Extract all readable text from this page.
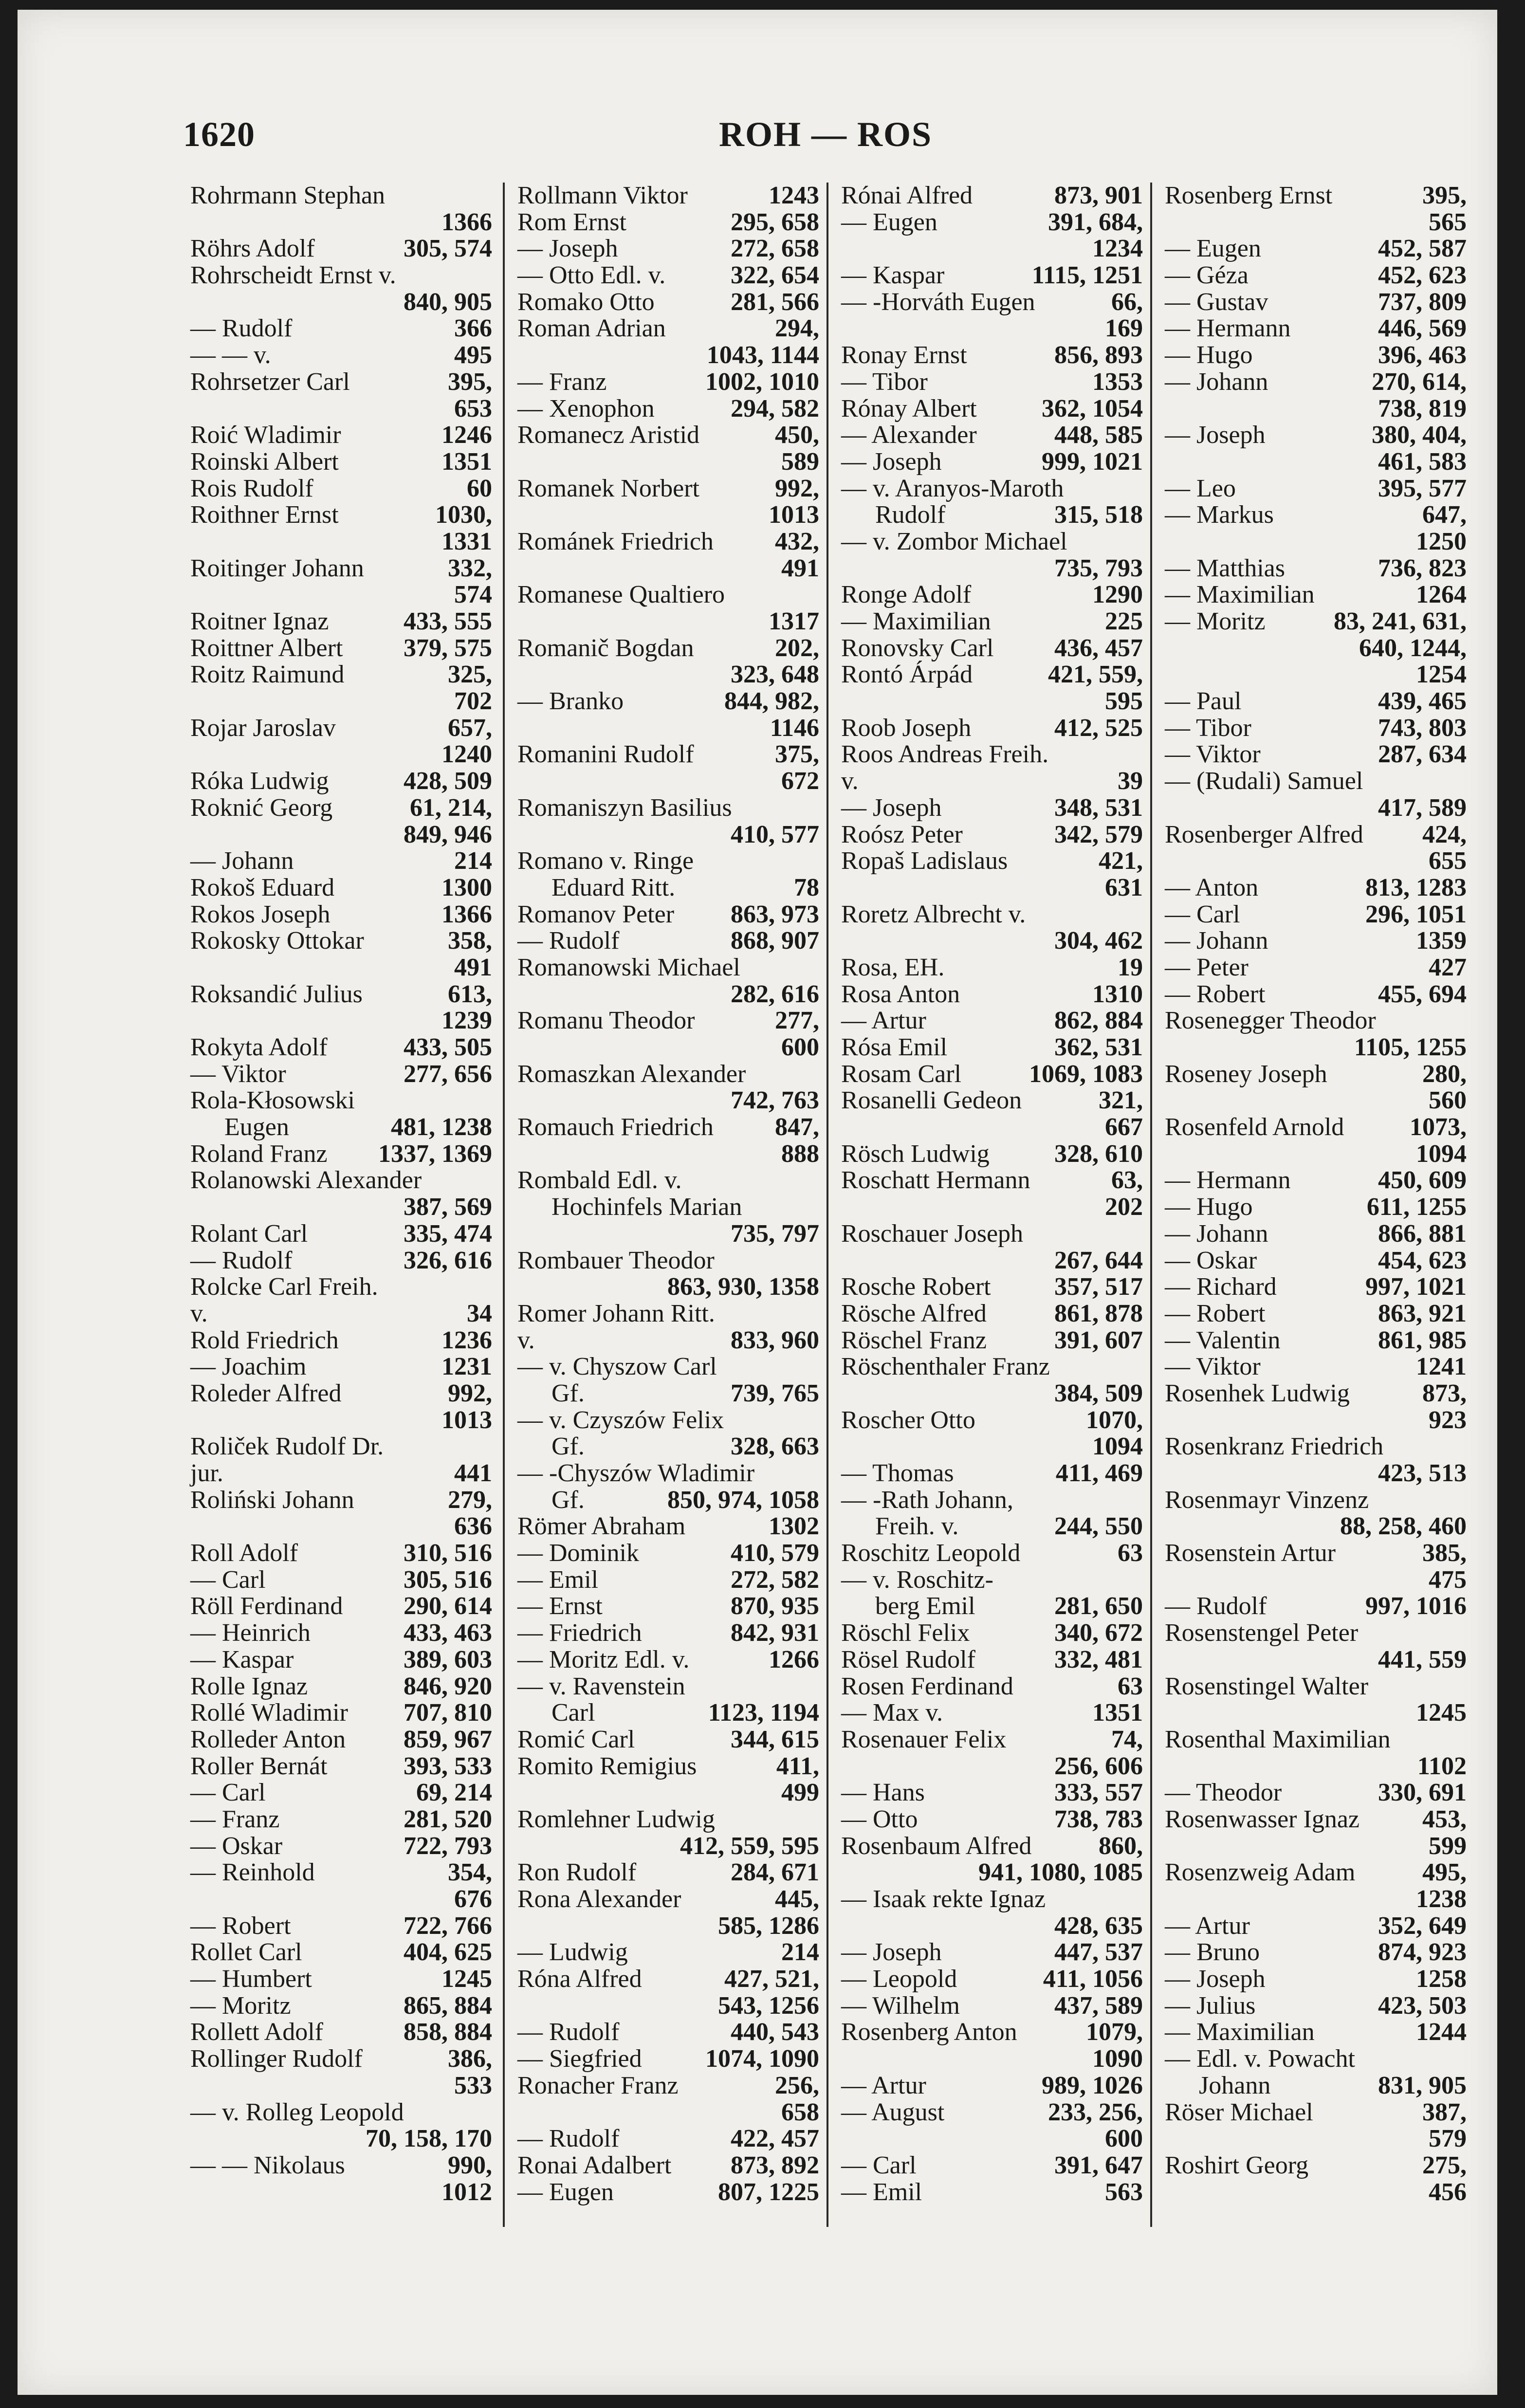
1620	ROH — ROS
Rohrmann Stephan
1366
Röhrs Adolf	305, 574
Rohrscheidt Ernst v.
840, 905
— Rudolf	366
— — v.	495
Rohrsetzer Carl	395,
653
Roić Wladimir	1246
Roinski Albert	1351
Rois Rudolf	60
Roithner Ernst	1030,
1331
Roitinger Johann	332,
574
Roitner Ignaz	433, 555
Roittner Albert 379, 575
Roitz Raimund	325,
702
Rojar Jaroslav	657,
1240
Róka Ludwig	428, 509
Roknić Georg	61, 214,
849, 946
— Johann	214
Rokoš Eduard	1300
Rokos Joseph	1366
Rokosky Ottokar	358,
491
Roksandić Julius	613,
1239
Rokyta Adolf	433, 505
— Viktor	277, 656
Rola-Kłosowski
Eugen	481, 1238
Roland Franz 1337, 1369
Rolanowski Alexander
387, 569
Rolant Carl	335, 474
— Rudolf	326, 616
Rolcke Carl Freih.
v.	34
Rold Friedrich	1236
— Joachim	1231
Roleder Alfred	992,
1013
Roliček Rudolf Dr.
jur.	441
Roliński Johann	279,
636
Roll Adolf	310, 516
— Carl	305, 516
Röll Ferdinand 290, 614
— Heinrich	433, 463
— Kaspar	389, 603
Rolle Ignaz	846, 920
Rollé Wladimir 707, 810
Rolleder Anton 859, 967
Roller Bernát	393, 533
— Carl	69, 214
— Franz	281, 520
— Oskar	722, 793
— Reinhold	354,
676
— Robert	722, 766
Rollet Carl	404, 625
— Humbert	1245
— Moritz	865, 884
Rollett Adolf	858, 884
Rollinger Rudolf	386,
533
— v. Rolleg Leopold
70, 158, 170
— — Nikolaus	990,
1012
Rollmann Viktor	1243
Rom Ernst	295, 658
— Joseph	272, 658
— Otto Edl. v.	322, 654
Romako Otto	281, 566
Roman Adrian	294,
1043, 1144
— Franz	1002, 1010
— Xenophon	294, 582
Romanecz Aristid	450,
589
Romanek Norbert	992,
1013
Románek Friedrich 432,
491
Romanese Qualtiero
1317
Romanič Bogdan	202,
323, 648
— Branko	844, 982,
1146
Romanini Rudolf	375,
672
Romaniszyn Basilius
410, 577
Romano v. Ringe
Eduard Ritt.	78
Romanov Peter 863, 973
— Rudolf	868, 907
Romanowski Michael
282, 616
Romanu Theodor	277,
600
Romaszkan Alexander
742, 763
Romauch Friedrich 847,
888
Rombald Edl. v.
Hochinfels Marian
735, 797
Rombauer Theodor
863, 930, 1358
Romer Johann Ritt.
v.	833, 960
— v. Chyszow Carl
Gf.	739, 765
— v. Czyszów Felix
Gf.	328, 663
— -Chyszów Wladimir
Gf.	850, 974, 1058
Römer Abraham	1302
— Dominik	410, 579
— Emil	272, 582
— Ernst	870, 935
— Friedrich	842, 931
— Moritz Edl. v.	1266
— v. Ravenstein
Carl	1123, 1194
Romić Carl	344, 615
Romito Remigius	411,
499
Romlehner Ludwig
412, 559, 595
Ron Rudolf	284, 671
Rona Alexander	445,
585, 1286
— Ludwig	214
Róna Alfred	427, 521,
543, 1256
— Rudolf	440, 543
— Siegfried	1074, 1090
Ronacher Franz	256,
658
— Rudolf	422, 457
Ronai Adalbert 873, 892
— Eugen	807, 1225
Rónai Alfred	873, 901
— Eugen	391, 684,
1234
— Kaspar	1115, 1251
— -Horváth Eugen	66,
169
Ronay Ernst	856, 893
— Tibor	1353
Rónay Albert	362, 1054
— Alexander	448, 585
— Joseph	999, 1021
— v. Aranyos-Maroth
Rudolf	315, 518
— v. Zombor Michael
735, 793
Ronge Adolf	1290
— Maximilian	225
Ronovsky Carl 436, 457
Rontó Árpád	421, 559,
595
Roob Joseph	412, 525
Roos Andreas Freih.
v.	39
— Joseph	348, 531
Roósz Peter	342, 579
Ropaš Ladislaus	421,
631
Roretz Albrecht v.
304, 462
Rosa, EH.	19
Rosa Anton	1310
— Artur	862, 884
Rósa Emil	362, 531
Rosam Carl	1069, 1083
Rosanelli Gedeon	321,
667
Rösch Ludwig	328, 610
Roschatt Hermann	63,
202
Roschauer Joseph
267, 644
Rosche Robert	357, 517
Rösche Alfred	861, 878
Röschel Franz	391, 607
Röschenthaler Franz
384, 509
Roscher Otto	1070,
1094
— Thomas	411, 469
— -Rath Johann,
Freih. v.	244, 550
Roschitz Leopold	63
— v. Roschitz-
berg Emil	281, 650
Röschl Felix	340, 672
Rösel Rudolf	332, 481
Rosen Ferdinand	63
— Max v.	1351
Rosenauer Felix	74,
256, 606
— Hans	333, 557
— Otto	738, 783
Rosenbaum Alfred	860,
941, 1080, 1085
— Isaak rekte Ignaz
428, 635
— Joseph	447, 537
— Leopold	411, 1056
— Wilhelm	437, 589
Rosenberg Anton	1079,
1090
— Artur	989, 1026
— August	233, 256,
600
— Carl	391, 647
— Emil	563
Rosenberg Ernst	395,
565
— Eugen	452, 587
— Géza	452, 623
— Gustav	737, 809
— Hermann	446, 569
— Hugo	396, 463
— Johann	270, 614,
738, 819
— Joseph	380, 404,
461, 583
— Leo	395, 577
— Markus	647,
1250
— Matthias	736, 823
— Maximilian	1264
— Moritz	83, 241, 631,
640, 1244,
1254
— Paul	439, 465
— Tibor	743, 803
— Viktor	287, 634
— (Rudali) Samuel
417, 589
Rosenberger Alfred 424,
655
— Anton	813, 1283
— Carl	296, 1051
— Johann	1359
— Peter	427
— Robert	455, 694
Rosenegger Theodor
1105, 1255
Roseney Joseph	280,
560
Rosenfeld Arnold	1073,
1094
— Hermann	450, 609
— Hugo	611, 1255
— Johann	866, 881
— Oskar	454, 623
— Richard	997, 1021
— Robert	863, 921
— Valentin	861, 985
— Viktor	1241
Rosenhek Ludwig	873,
923
Rosenkranz Friedrich
423, 513
Rosenmayr Vinzenz
88, 258, 460
Rosenstein Artur	385,
475
— Rudolf	997, 1016
Rosenstengel Peter
441, 559
Rosenstingel Walter
1245
Rosenthal Maximilian
1102
— Theodor	330, 691
Rosenwasser Ignaz 453,
599
Rosenzweig Adam	495,
1238
— Artur	352, 649
— Bruno	874, 923
— Joseph	1258
— Julius	423, 503
— Maximilian	1244
— Edl. v. Powacht
Johann	831, 905
Röser Michael	387,
579
Roshirt Georg	275,
456
